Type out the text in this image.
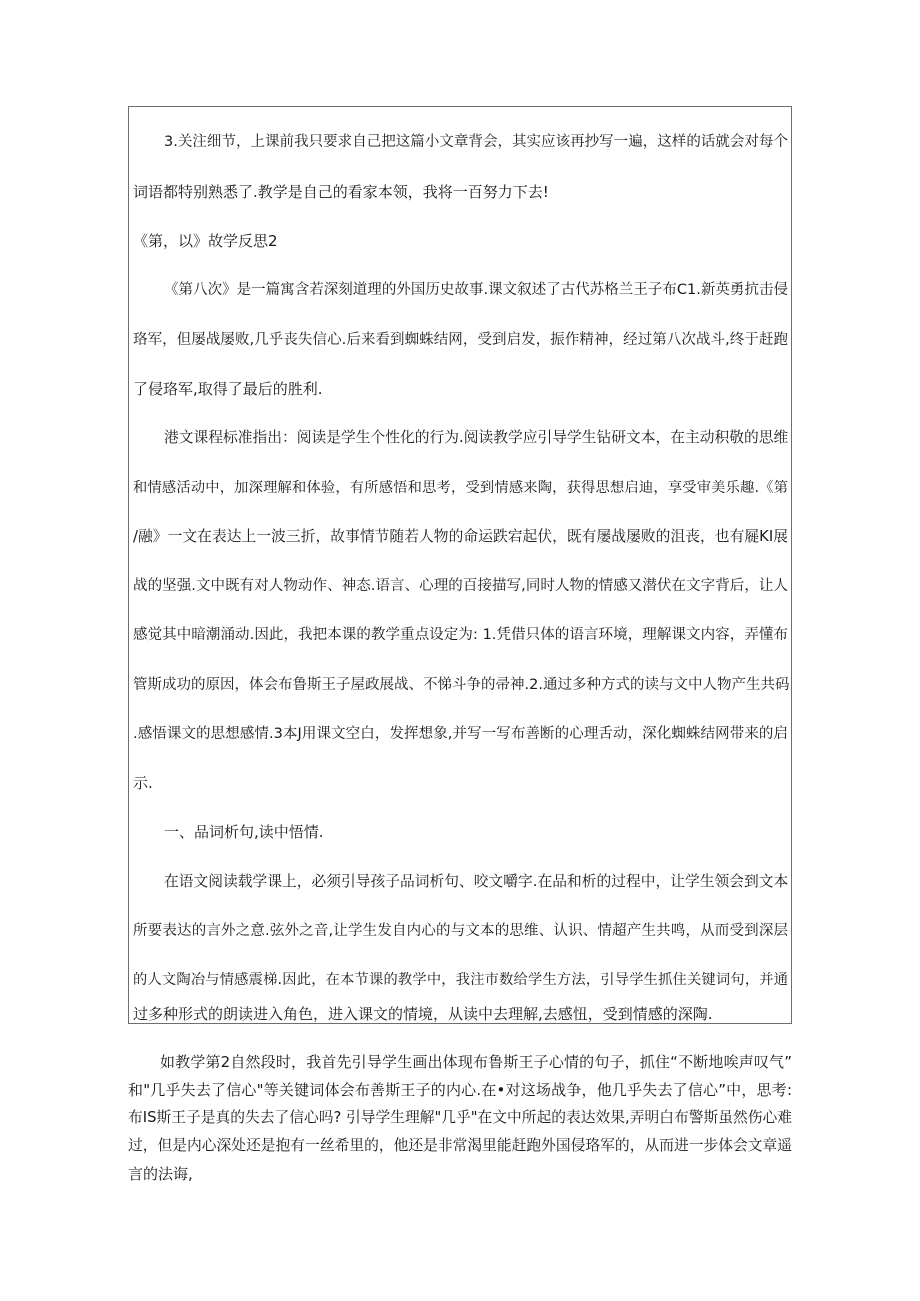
3.关注细节，上课前我只要求自己把这篇小文章背会，其实应该再抄写一遍，这样的话就会对每个
词语都特别熟悉了.教学是自己的看家本领，我将一百努力下去!
《第，以》故学反思2
《第八次》是一篇寓含若深刻道理的外国历史故事.课文叙述了古代苏格兰王子布C1.新英勇抗击侵
珞军，但屡战屡败,几乎丧失信心.后来看到蜘蛛结网，受到启发，振作精神，经过第八次战斗,终于赶跑
了侵珞军,取得了最后的胜利.
港文课程标准指出：阅读是学生个性化的行为.阅读教学应引导学生钻研文本，在主动积敬的思维
和情感活动中，加深理解和体验，有所感悟和思考，受到情感来陶，获得思想启迪，享受审美乐趣.《第
/融》一文在表达上一波三折，故事情节随若人物的命运跌宕起伏，既有屡战屡败的沮丧，也有屣KI展
战的坚强.文中既有对人物动作、神态.语言、心理的百接描写,同时人物的情感又潜伏在文字背后，让人
感觉其中暗潮涌动.因此，我把本课的教学重点设定为: 1.凭借只体的语言环境，理解课文内容，弄懂布
管斯成功的原因，体会布鲁斯王子屋政展战、不悌斗争的帚神.2.通过多种方式的读与文中人物产生共码
.感悟课文的思想感情.3本J用课文空白，发挥想象,并写一写布善断的心理舌动，深化蜘蛛结网带来的启
示.
一、品词析句,读中悟情.
在语文阅读载学课上，必须引导孩子品词析句、咬文嚼字.在品和析的过程中，让学生领会到文本
所要表达的言外之意.弦外之音,让学生发自内心的与文本的思维、认识、情超产生共鸣，从而受到深层
的人文陶冶与情感震梯.因此，在本节课的教学中，我注市数给学生方法，引导学生抓住关键词句，并通
过多种形式的朗读进入角色，进入课文的情境，从读中去理解,去感忸，受到情感的深陶.
如教学第2自然段时，我首先引导学生画出体现布鲁斯王子心情的句子，抓住“不断地唉声叹气”
和"几乎失去了信心"等关键词体会布善斯王子的内心.在•对这场战争，他几乎失去了信心”中，思考:
布IS斯王子是真的失去了信心吗? 引导学生理解"几乎"在文中所起的表达效果,弄明白布警斯虽然伤心难
过，但是内心深处还是抱有一丝希里的，他还是非常渴里能赶跑外国侵珞军的，从而进一步体会文章遥
言的法诲,
